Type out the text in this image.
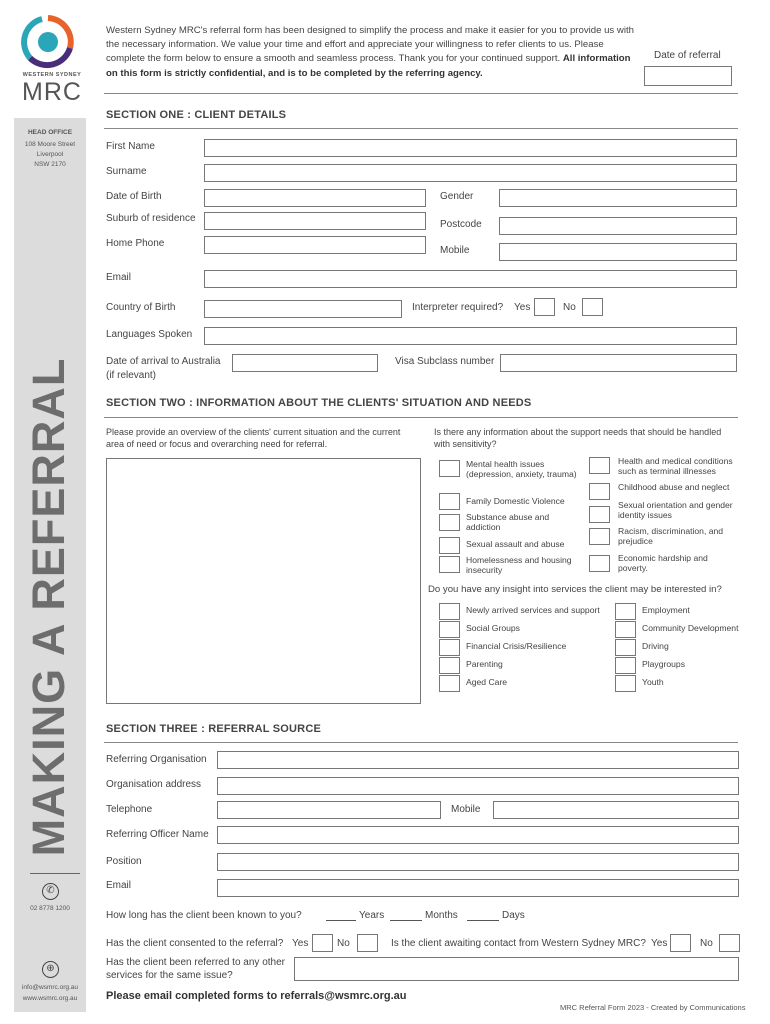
WESTERN SYDNEY
MRC
HEAD OFFICE
108 Moore Street
Liverpool
NSW 2170
MAKING A REFERRAL
✆
02 8778 1200
⊕
info@wsmrc.org.au
www.wsmrc.org.au
Western Sydney MRC's referral form has been designed to simplify the process and make it easier for you to provide us with the necessary information. We value your time and effort and appreciate your willingness to refer clients to us. Please complete the form below to ensure a smooth and seamless process. Thank you for your continued support. All information on this form is strictly confidential, and is to be completed by the referring agency.
Date of referral
SECTION ONE : CLIENT DETAILS
First Name
Surname
Date of Birth	Gender
Suburb of residence
Postcode
Home Phone
Mobile
Email
Country of Birth	Interpreter required? Yes	No
Languages Spoken
Date of arrival to Australia
(if relevant)
Visa Subclass number
SECTION TWO : INFORMATION ABOUT THE CLIENTS' SITUATION AND NEEDS
Please provide an overview of the clients' current situation and the current area of need or focus and overarching need for referral.
Is there any information about the support needs that should be handled with sensitivity?
Mental health issues (depression, anxiety, trauma)
Family Domestic Violence
Substance abuse and addiction
Sexual assault and abuse
Homelessness and housing insecurity
Health and medical conditions such as terminal illnesses
Childhood abuse and neglect
Sexual orientation and gender identity issues
Racism, discrimination, and prejudice
Economic hardship and poverty.
Do you have any insight into services the client may be interested in?
Newly arrived services and support
Social Groups
Financial Crisis/Resilience
Parenting
Aged Care
Employment
Community Development
Driving
Playgroups
Youth
SECTION THREE : REFERRAL SOURCE
Referring Organisation
Organisation address
Telephone	Mobile
Referring Officer Name
Position
Email
How long has the client been known to you?	Years	Months	Days
Has the client consented to the referral? Yes	No	Is the client awaiting contact from Western Sydney MRC? Yes	No
Has the client been referred to any other
services for the same issue?
Please email completed forms to referrals@wsmrc.org.au
MRC Referral Form 2023 - Created by Communications
